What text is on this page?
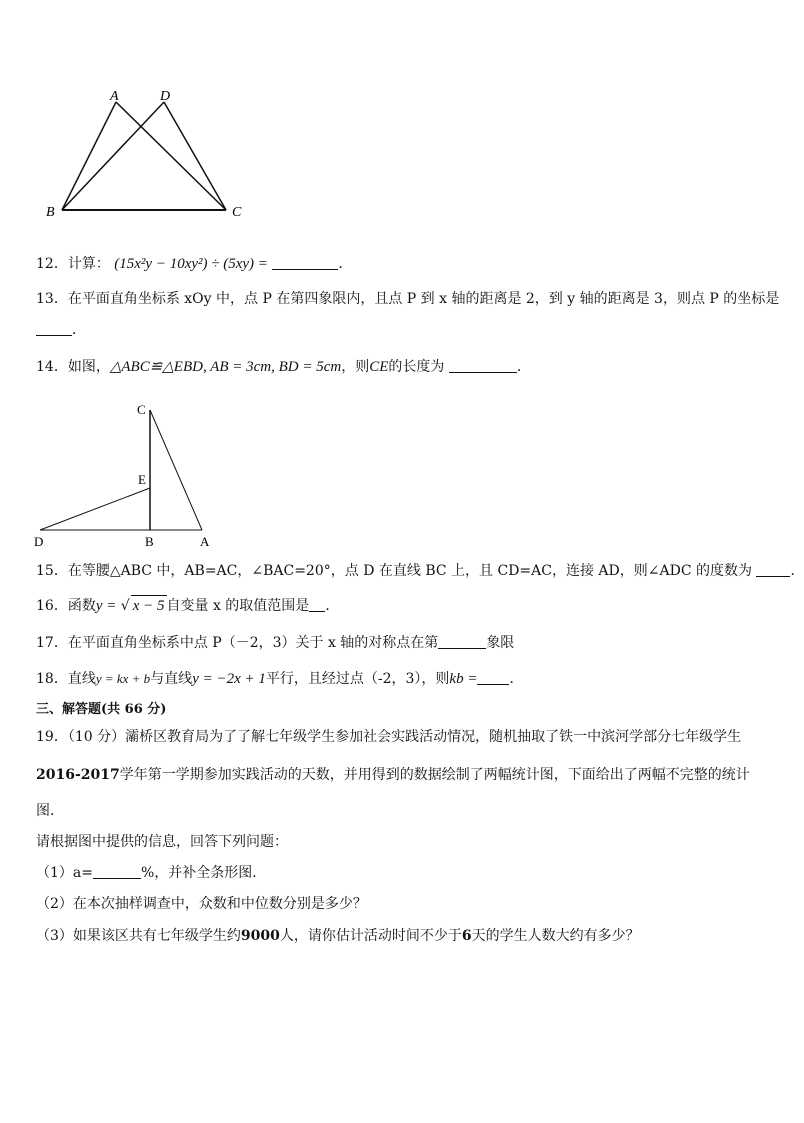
A	D
B	C
12．计算： (15x²y − 10xy²) ÷ (5xy) =	．
13．在平面直角坐标系 xOy 中，点 P 在第四象限内，且点 P 到 x 轴的距离是 2，到 y 轴的距离是 3，则点 P 的坐标是
．
14．如图，△ABC≌△EBD, AB = 3cm, BD = 5cm，则CE的长度为	．
C
E
D	B	A
15．在等腰△ABC 中，AB=AC，∠BAC=20°，点 D 在直线 BC 上，且 CD=AC，连接 AD，则∠ADC 的度数为	．
16．函数y = √ x − 5 自变量 x 的取值范围是 ．
17．在平面直角坐标系中点 P（－2，3）关于 x 轴的对称点在第	象限
18．直线y = kx + b与直线y = −2x + 1平行，且经过点（-2，3），则kb = ．
三、解答题(共 66 分)
19．（10 分）灞桥区教育局为了了解七年级学生参加社会实践活动情况，随机抽取了铁一中滨河学部分七年级学生
2016-2017学年第一学期参加实践活动的天数，并用得到的数据绘制了两幅统计图，下面给出了两幅不完整的统计
图．
请根据图中提供的信息，回答下列问题：
（1）a=	%，并补全条形图．
（2）在本次抽样调查中，众数和中位数分别是多少？
（3）如果该区共有七年级学生约9000人，请你估计活动时间不少于6天的学生人数大约有多少？
